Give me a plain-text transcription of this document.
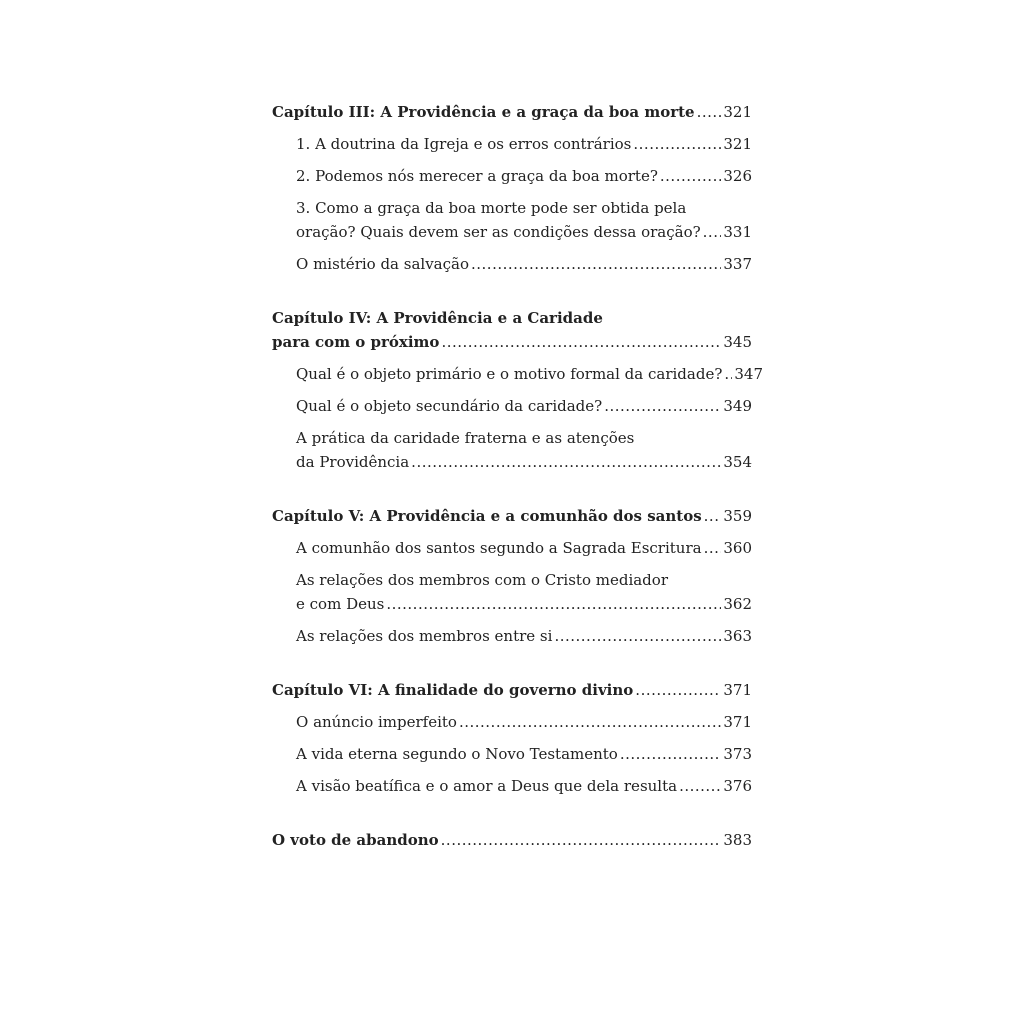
Capítulo III: A Providência e a graça da boa morte ..... 321
1. A doutrina da Igreja e os erros contrários .....	321
2. Podemos nós merecer a graça da boa morte? .....	326
3. Como a graça da boa morte pode ser obtida pela
oração? Quais devem ser as condições dessa oração? ..... 331
O mistério da salvação .....	337
Capítulo IV: A Providência e a Caridade
para com o próximo .....	345
Qual é o objeto primário e o motivo formal da caridade? ..... 347
Qual é o objeto secundário da caridade? .....	349
A prática da caridade fraterna e as atenções
da Providência .....	354
Capítulo V: A Providência e a comunhão dos santos ..... 359
A comunhão dos santos segundo a Sagrada Escritura ..... 360
As relações dos membros com o Cristo mediador
e com Deus .....	362
As relações dos membros entre si .....	363
Capítulo VI: A finalidade do governo divino .....	371
O anúncio imperfeito .....	371
A vida eterna segundo o Novo Testamento .....	373
A visão beatífica e o amor a Deus que dela resulta .....	376
O voto de abandono .....	383
